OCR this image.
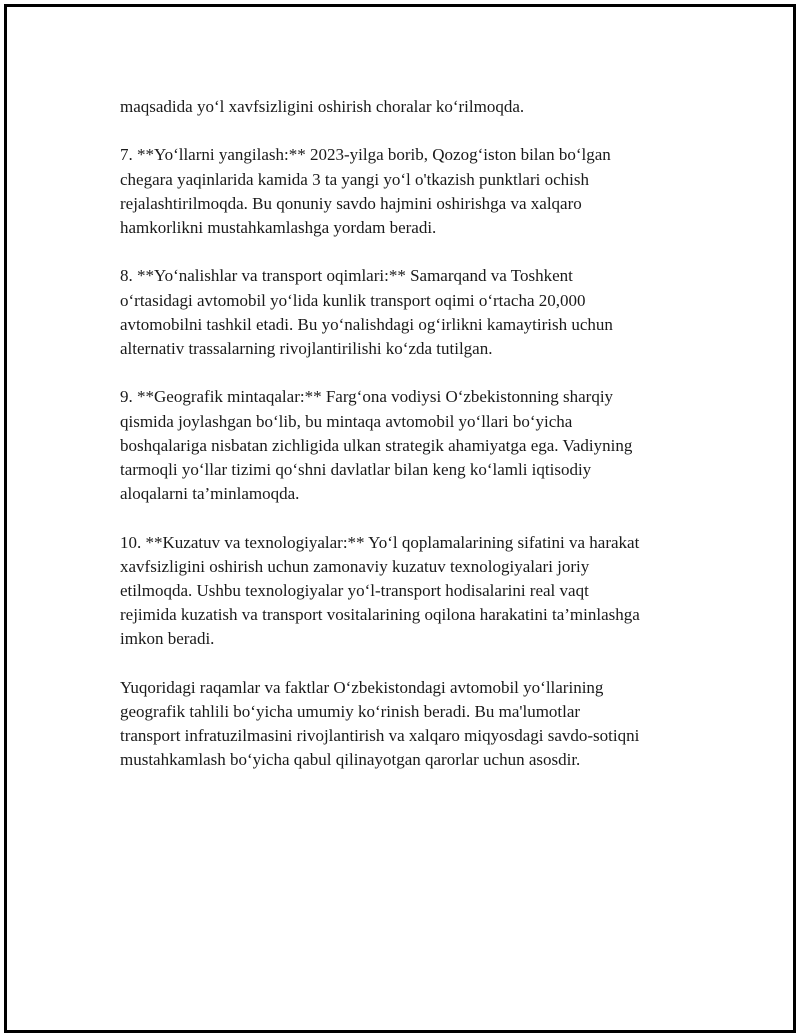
maqsadida yo‘l xavfsizligini oshirish choralar ko‘rilmoqda.

7. **Yo‘llarni yangilash:** 2023-yilga borib, Qozog‘iston bilan bo‘lgan
chegara yaqinlarida kamida 3 ta yangi yo‘l o'tkazish punktlari ochish
rejalashtirilmoqda. Bu qonuniy savdo hajmini oshirishga va xalqaro
hamkorlikni mustahkamlashga yordam beradi.

8. **Yo‘nalishlar va transport oqimlari:** Samarqand va Toshkent
o‘rtasidagi avtomobil yo‘lida kunlik transport oqimi o‘rtacha 20,000
avtomobilni tashkil etadi. Bu yo‘nalishdagi og‘irlikni kamaytirish uchun
alternativ trassalarning rivojlantirilishi ko‘zda tutilgan.

9. **Geografik mintaqalar:** Farg‘ona vodiysi O‘zbekistonning sharqiy
qismida joylashgan bo‘lib, bu mintaqa avtomobil yo‘llari bo‘yicha
boshqalariga nisbatan zichligida ulkan strategik ahamiyatga ega. Vadiyning
tarmoqli yo‘llar tizimi qo‘shni davlatlar bilan keng ko‘lamli iqtisodiy
aloqalarni ta’minlamoqda.

10. **Kuzatuv va texnologiyalar:** Yo‘l qoplamalarining sifatini va harakat
xavfsizligini oshirish uchun zamonaviy kuzatuv texnologiyalari joriy
etilmoqda. Ushbu texnologiyalar yo‘l-transport hodisalarini real vaqt
rejimida kuzatish va transport vositalarining oqilona harakatini ta’minlashga
imkon beradi.

Yuqoridagi raqamlar va faktlar O‘zbekistondagi avtomobil yo‘llarining
geografik tahlili bo‘yicha umumiy ko‘rinish beradi. Bu ma'lumotlar
transport infratuzilmasini rivojlantirish va xalqaro miqyosdagi savdo-sotiqni
mustahkamlash bo‘yicha qabul qilinayotgan qarorlar uchun asosdir.
